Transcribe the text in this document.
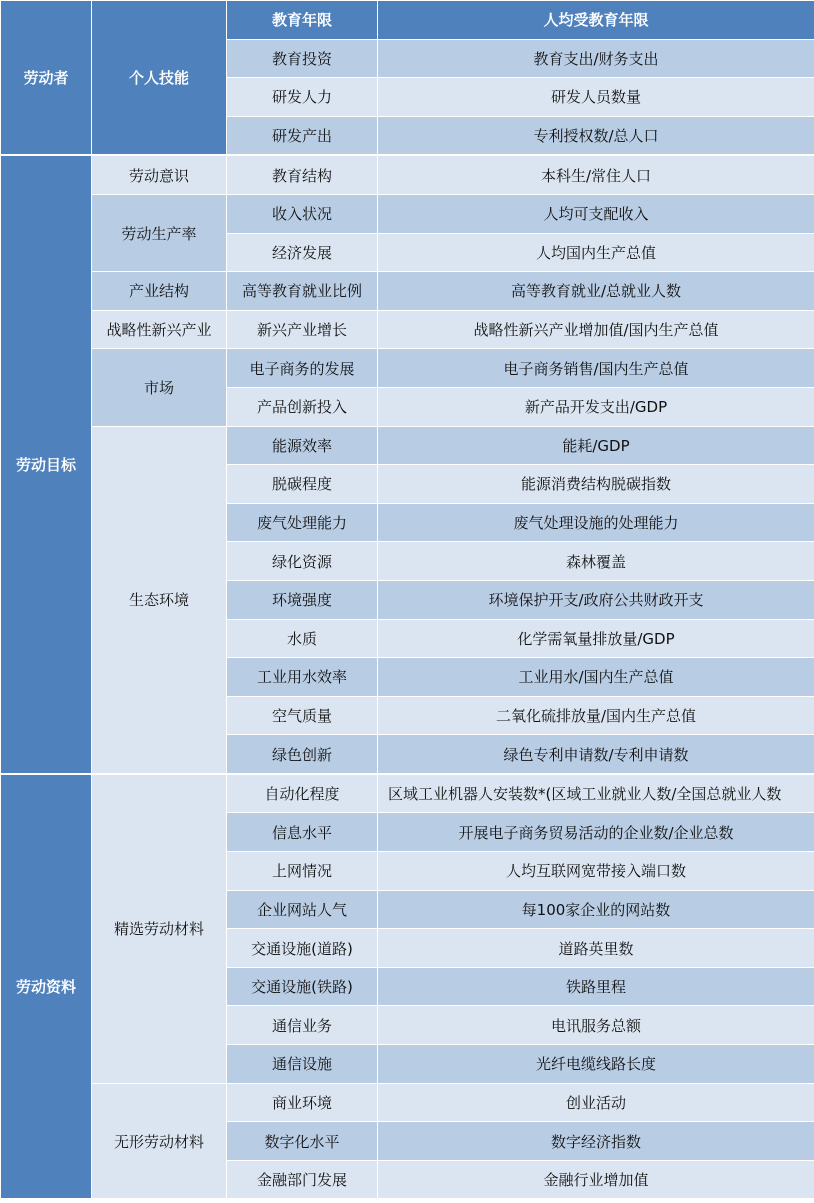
劳动者	个人技能	教育年限	人均受教育年限
		教育投资	教育支出/财务支出
		研发人力	研发人员数量
		研发产出	专利授权数/总人口
劳动目标	劳动意识	教育结构	本科生/常住人口
	劳动生产率	收入状况	人均可支配收入
		经济发展	人均国内生产总值
	产业结构	高等教育就业比例	高等教育就业/总就业人数
	战略性新兴产业	新兴产业增长	战略性新兴产业增加值/国内生产总值
	市场	电子商务的发展	电子商务销售/国内生产总值
		产品创新投入	新产品开发支出/GDP
	生态环境	能源效率	能耗/GDP
		脱碳程度	能源消费结构脱碳指数
		废气处理能力	废气处理设施的处理能力
		绿化资源	森林覆盖
		环境强度	环境保护开支/政府公共财政开支
		水质	化学需氧量排放量/GDP
		工业用水效率	工业用水/国内生产总值
		空气质量	二氧化硫排放量/国内生产总值
		绿色创新	绿色专利申请数/专利申请数
劳动资料	精选劳动材料	自动化程度	区域工业机器人安装数*(区域工业就业人数/全国总就业人数
		信息水平	开展电子商务贸易活动的企业数/企业总数
		上网情况	人均互联网宽带接入端口数
		企业网站人气	每100家企业的网站数
		交通设施(道路)	道路英里数
		交通设施(铁路)	铁路里程
		通信业务	电讯服务总额
		通信设施	光纤电缆线路长度
	无形劳动材料	商业环境	创业活动
		数字化水平	数字经济指数
		金融部门发展	金融行业增加值
